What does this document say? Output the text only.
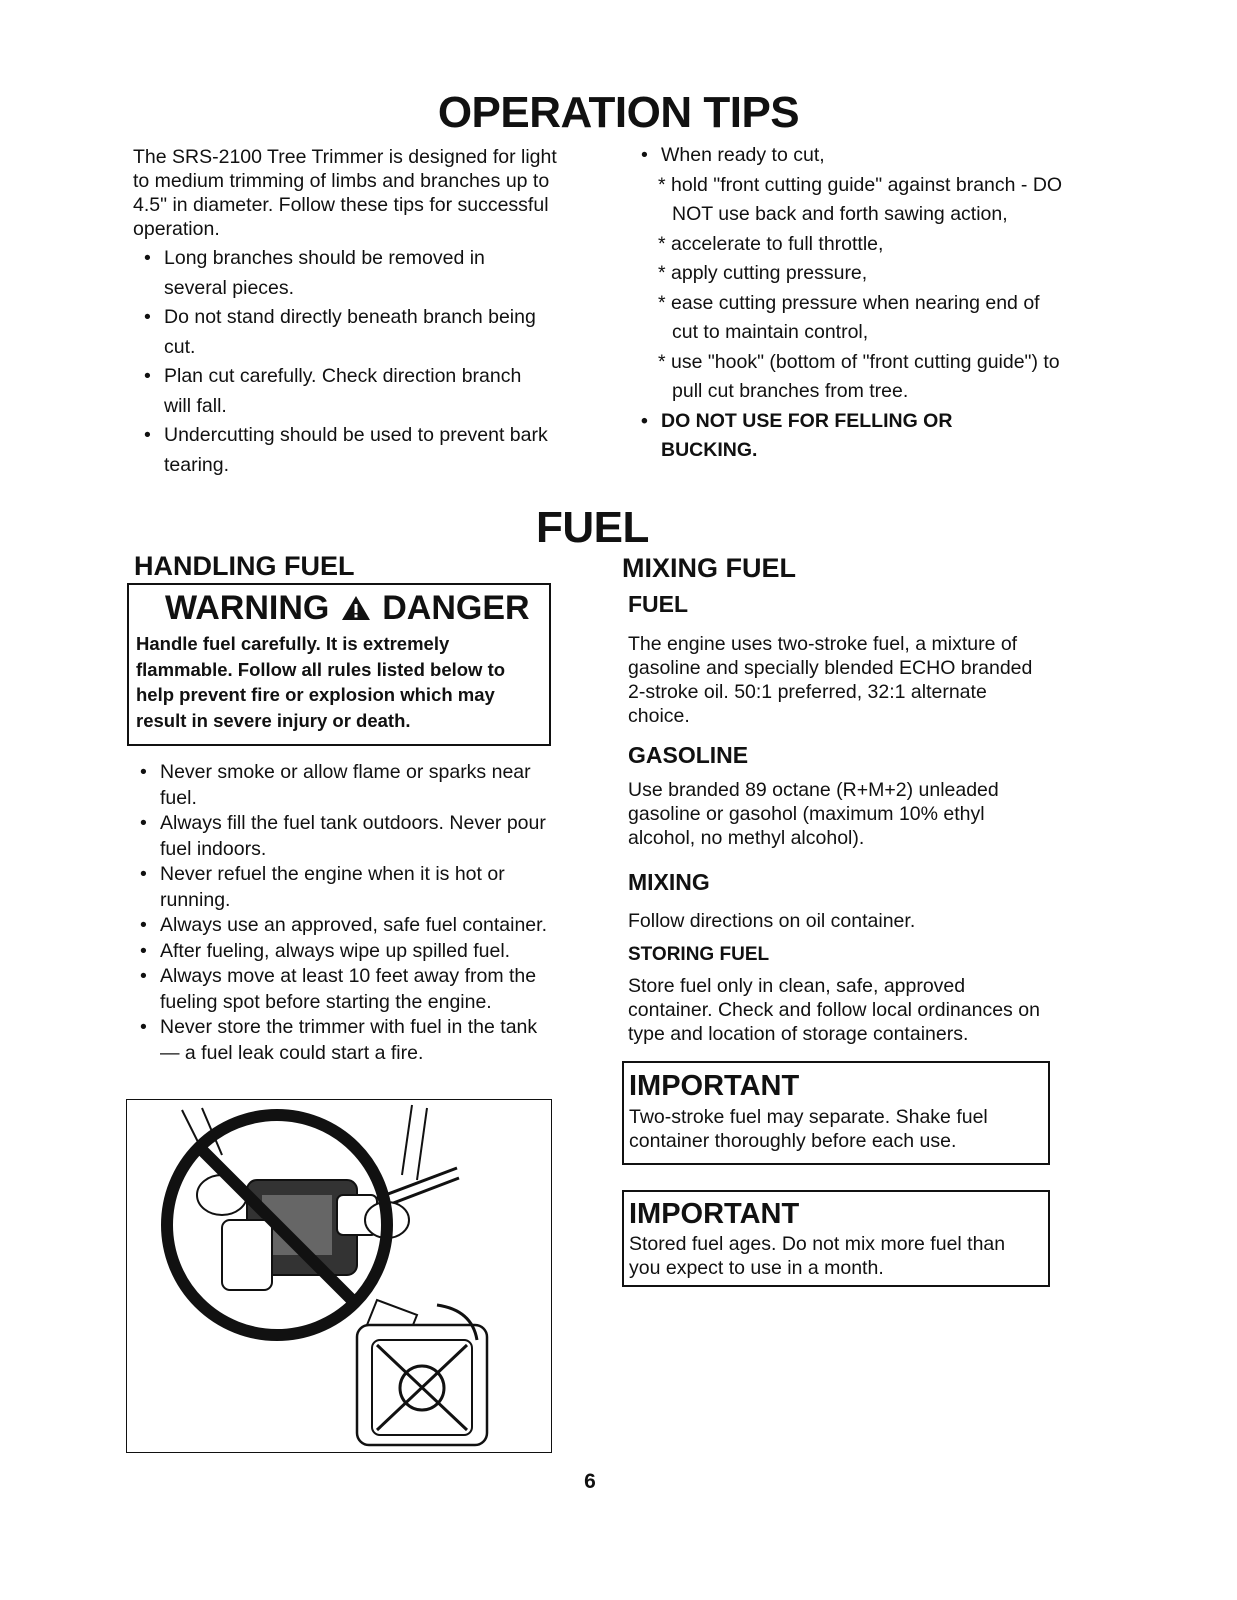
OPERATION TIPS
The SRS-2100 Tree Trimmer is designed for light to medium trimming of limbs and branches up to 4.5" in diameter. Follow these tips for successful operation.
• Long branches should be removed in several pieces.
• Do not stand directly beneath branch being cut.
• Plan cut carefully. Check direction branch will fall.
• Undercutting should be used to prevent bark tearing.
• When ready to cut,
* hold "front cutting guide" against branch - DO NOT use back and forth sawing action,
* accelerate to full throttle,
* apply cutting pressure,
* ease cutting pressure when nearing end of cut to maintain control,
* use "hook" (bottom of "front cutting guide") to pull cut branches from tree.
• DO NOT USE FOR FELLING OR BUCKING.
FUEL
HANDLING FUEL
WARNING DANGER
Handle fuel carefully. It is extremely flammable. Follow all rules listed below to help prevent fire or explosion which may result in severe injury or death.
• Never smoke or allow flame or sparks near fuel.
• Always fill the fuel tank outdoors. Never pour fuel indoors.
• Never refuel the engine when it is hot or running.
• Always use an approved, safe fuel container.
• After fueling, always wipe up spilled fuel.
• Always move at least 10 feet away from the fueling spot before starting the engine.
• Never store the trimmer with fuel in the tank — a fuel leak could start a fire.
MIXING FUEL
FUEL
The engine uses two-stroke fuel, a mixture of gasoline and specially blended ECHO branded 2-stroke oil. 50:1 preferred, 32:1 alternate choice.
GASOLINE
Use branded 89 octane (R+M+2) unleaded gasoline or gasohol (maximum 10% ethyl alcohol, no methyl alcohol).
MIXING
Follow directions on oil container.
STORING FUEL
Store fuel only in clean, safe, approved container. Check and follow local ordinances on type and location of storage containers.
IMPORTANT
Two-stroke fuel may separate. Shake fuel container thoroughly before each use.
IMPORTANT
Stored fuel ages. Do not mix more fuel than you expect to use in a month.
6
